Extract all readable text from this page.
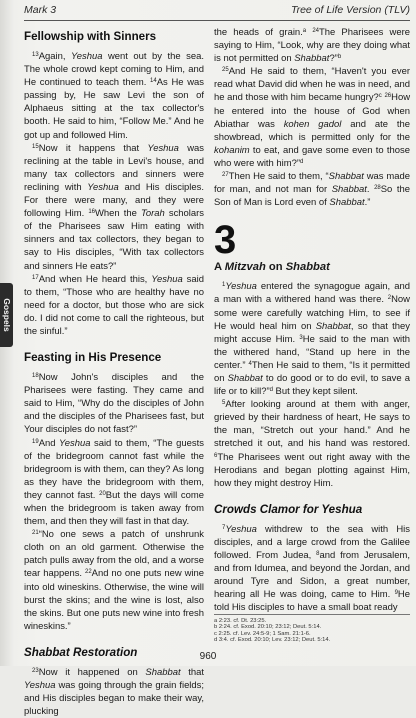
Mark 3	Tree of Life Version (TLV)
Fellowship with Sinners

$^{13}$Again, Yeshua went out by the sea. The whole crowd kept coming to Him, and He continued to teach them. $^{14}$As He was passing by, He saw Levi the son of Alphaeus sitting at the tax collector's booth. He said to him, “Follow Me.” And he got up and followed Him.

$^{15}$Now it happens that Yeshua was reclining at the table in Levi's house, and many tax collectors and sinners were reclining with Yeshua and His disciples. For there were many, and they were following Him. $^{16}$When the Torah scholars of the Pharisees saw Him eating with sinners and tax collectors, they began to say to His disciples, “With tax collectors and sinners He eats?”

$^{17}$And when He heard this, Yeshua said to them, “Those who are healthy have no need for a doctor, but those who are sick do. I did not come to call the righteous, but the sinful.”

Feasting in His Presence

$^{18}$Now John's disciples and the Pharisees were fasting. They came and said to Him, “Why do the disciples of John and the disciples of the Pharisees fast, but Your disciples do not fast?”

$^{19}$And Yeshua said to them, “The guests of the bridegroom cannot fast while the bridegroom is with them, can they? As long as they have the bridegroom with them, they cannot fast. $^{20}$But the days will come when the bridegroom is taken away from them, and then they will fast in that day.

$^{21}$“No one sews a patch of unshrunk cloth on an old garment. Otherwise the patch pulls away from the old, and a worse tear happens. $^{22}$And no one puts new wine into old wineskins. Otherwise, the wine will burst the skins; and the wine is lost, also the skins. But one puts new wine into fresh wineskins.”

Shabbat Restoration

$^{23}$Now it happened on Shabbat that Yeshua was going through the grain fields; and His disciples began to make their way, plucking

the heads of grain.$^a$ $^{24}$The Pharisees were saying to Him, “Look, why are they doing what is not permitted on Shabbat?”$^b$

$^{25}$And He said to them, “Haven't you ever read what David did when he was in need, and he and those with him became hungry?$^c$ $^{26}$How he entered into the house of God when Abiathar was kohen gadol and ate the showbread, which is permitted only for the kohanim to eat, and gave some even to those who were with him?”$^d$

$^{27}$Then He said to them, “Shabbat was made for man, and not man for Shabbat. $^{28}$So the Son of Man is Lord even of Shabbat.”

3
A Mitzvah on Shabbat

$^1$Yeshua entered the synagogue again, and a man with a withered hand was there. $^2$Now some were carefully watching Him, to see if He would heal him on Shabbat, so that they might accuse Him. $^3$He said to the man with the withered hand, “Stand up here in the center.” $^4$Then He said to them, “Is it permitted on Shabbat to do good or to do evil, to save a life or to kill?”$^d$ But they kept silent.

$^5$After looking around at them with anger, grieved by their hardness of heart, He says to the man, “Stretch out your hand.” And he stretched it out, and his hand was restored. $^6$The Pharisees went out right away with the Herodians and began plotting against Him, how they might destroy Him.

Crowds Clamor for Yeshua

$^7$Yeshua withdrew to the sea with His disciples, and a large crowd from the Galilee followed. From Judea, $^8$and from Jerusalem, and from Idumea, and beyond the Jordan, and around Tyre and Sidon, a great number, hearing all He was doing, came to Him. $^9$He told His disciples to have a small boat ready

a 2:23. cf. Dt. 23:25.
b 2:24. cf. Exod. 20:10; 23:12; Deut. 5:14.
c 2:25. cf. Lev. 24:5-9; 1 Sam. 21:1-6.
d 3:4. cf. Exod. 20:10; Lev. 23:12; Deut. 5:14.
Gospels
960
